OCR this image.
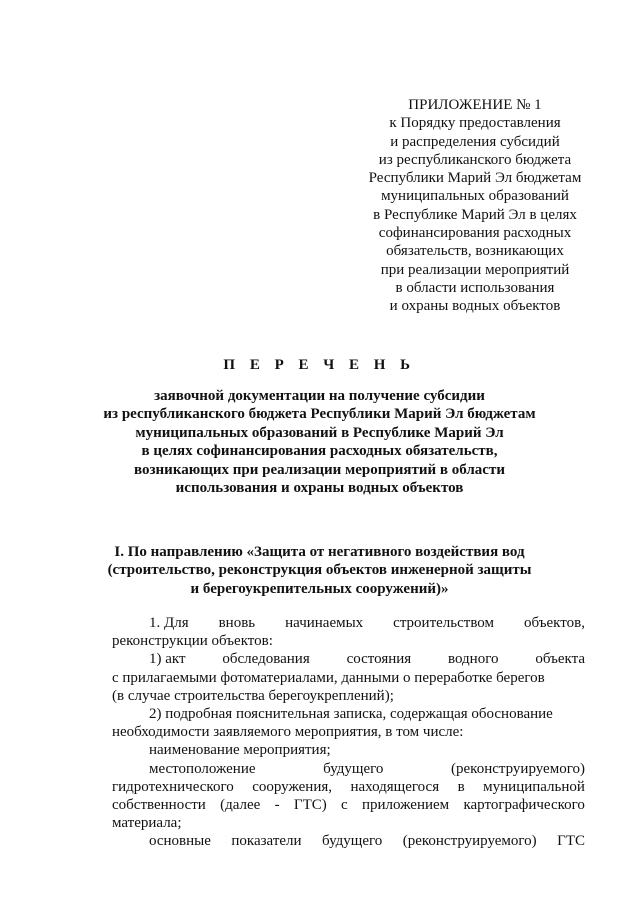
ПРИЛОЖЕНИЕ № 1
к Порядку предоставления
и распределения субсидий
из республиканского бюджета
Республики Марий Эл бюджетам
муниципальных образований
в Республике Марий Эл в целях
софинансирования расходных
обязательств, возникающих
при реализации мероприятий
в области использования
и охраны водных объектов
П Е Р Е Ч Е Н Ь
заявочной документации на получение субсидии
из республиканского бюджета Республики Марий Эл бюджетам
муниципальных образований в Республике Марий Эл
в целях софинансирования расходных обязательств,
возникающих при реализации мероприятий в области
использования и охраны водных объектов
I. По направлению «Защита от негативного воздействия вод
(строительство, реконструкция объектов инженерной защиты
и берегоукрепительных сооружений)»
1. Для вновь начинаемых строительством объектов,
реконструкции объектов:
1) акт обследования состояния водного объекта
с прилагаемыми фотоматериалами, данными о переработке берегов
(в случае строительства берегоукреплений);
2) подробная пояснительная записка, содержащая обоснование
необходимости заявляемого мероприятия, в том числе:
наименование мероприятия;
местоположение	будущего	(реконструируемого)
гидротехнического сооружения, находящегося в муниципальной
собственности (далее - ГТС) с приложением картографического
материала;
основные показатели будущего (реконструируемого) ГТС
